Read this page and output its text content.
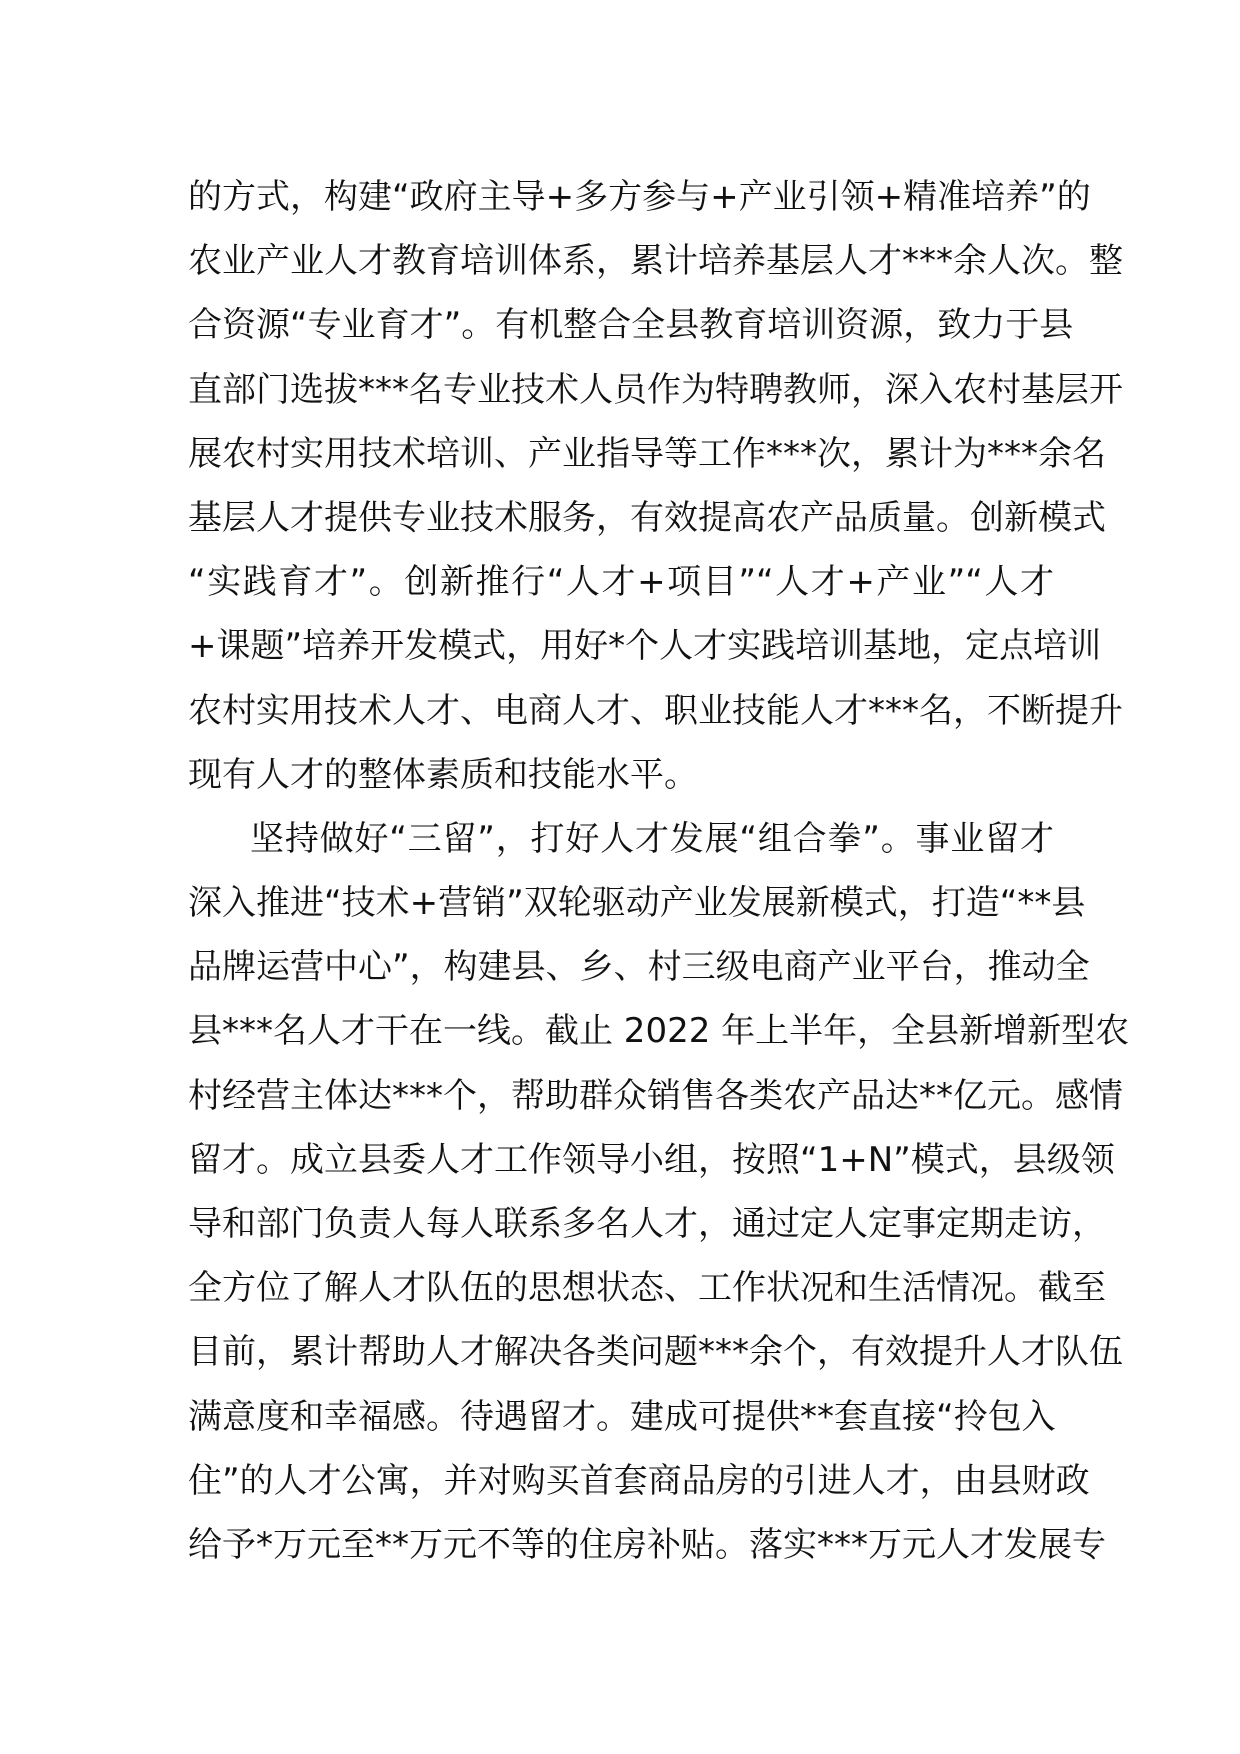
的方式，构建“政府主导+多方参与+产业引领+精准培养”的
农业产业人才教育培训体系，累计培养基层人才***余人次。整
合资源“专业育才”。有机整合全县教育培训资源，致力于县
直部门选拔***名专业技术人员作为特聘教师，深入农村基层开
展农村实用技术培训、产业指导等工作***次，累计为***余名
基层人才提供专业技术服务，有效提高农产品质量。创新模式
“实践育才”。创新推行“人才+项目”“人才+产业”“人才
+课题”培养开发模式，用好*个人才实践培训基地，定点培训
农村实用技术人才、电商人才、职业技能人才***名，不断提升
现有人才的整体素质和技能水平。
坚持做好“三留”，打好人才发展“组合拳”。事业留才
深入推进“技术+营销”双轮驱动产业发展新模式，打造“**县
品牌运营中心”，构建县、乡、村三级电商产业平台，推动全
县***名人才干在一线。截止 2022 年上半年，全县新增新型农
村经营主体达***个，帮助群众销售各类农产品达**亿元。感情
留才。成立县委人才工作领导小组，按照“1+N”模式，县级领
导和部门负责人每人联系多名人才，通过定人定事定期走访，
全方位了解人才队伍的思想状态、工作状况和生活情况。截至
目前，累计帮助人才解决各类问题***余个，有效提升人才队伍
满意度和幸福感。待遇留才。建成可提供**套直接“拎包入
住”的人才公寓，并对购买首套商品房的引进人才，由县财政
给予*万元至**万元不等的住房补贴。落实***万元人才发展专
